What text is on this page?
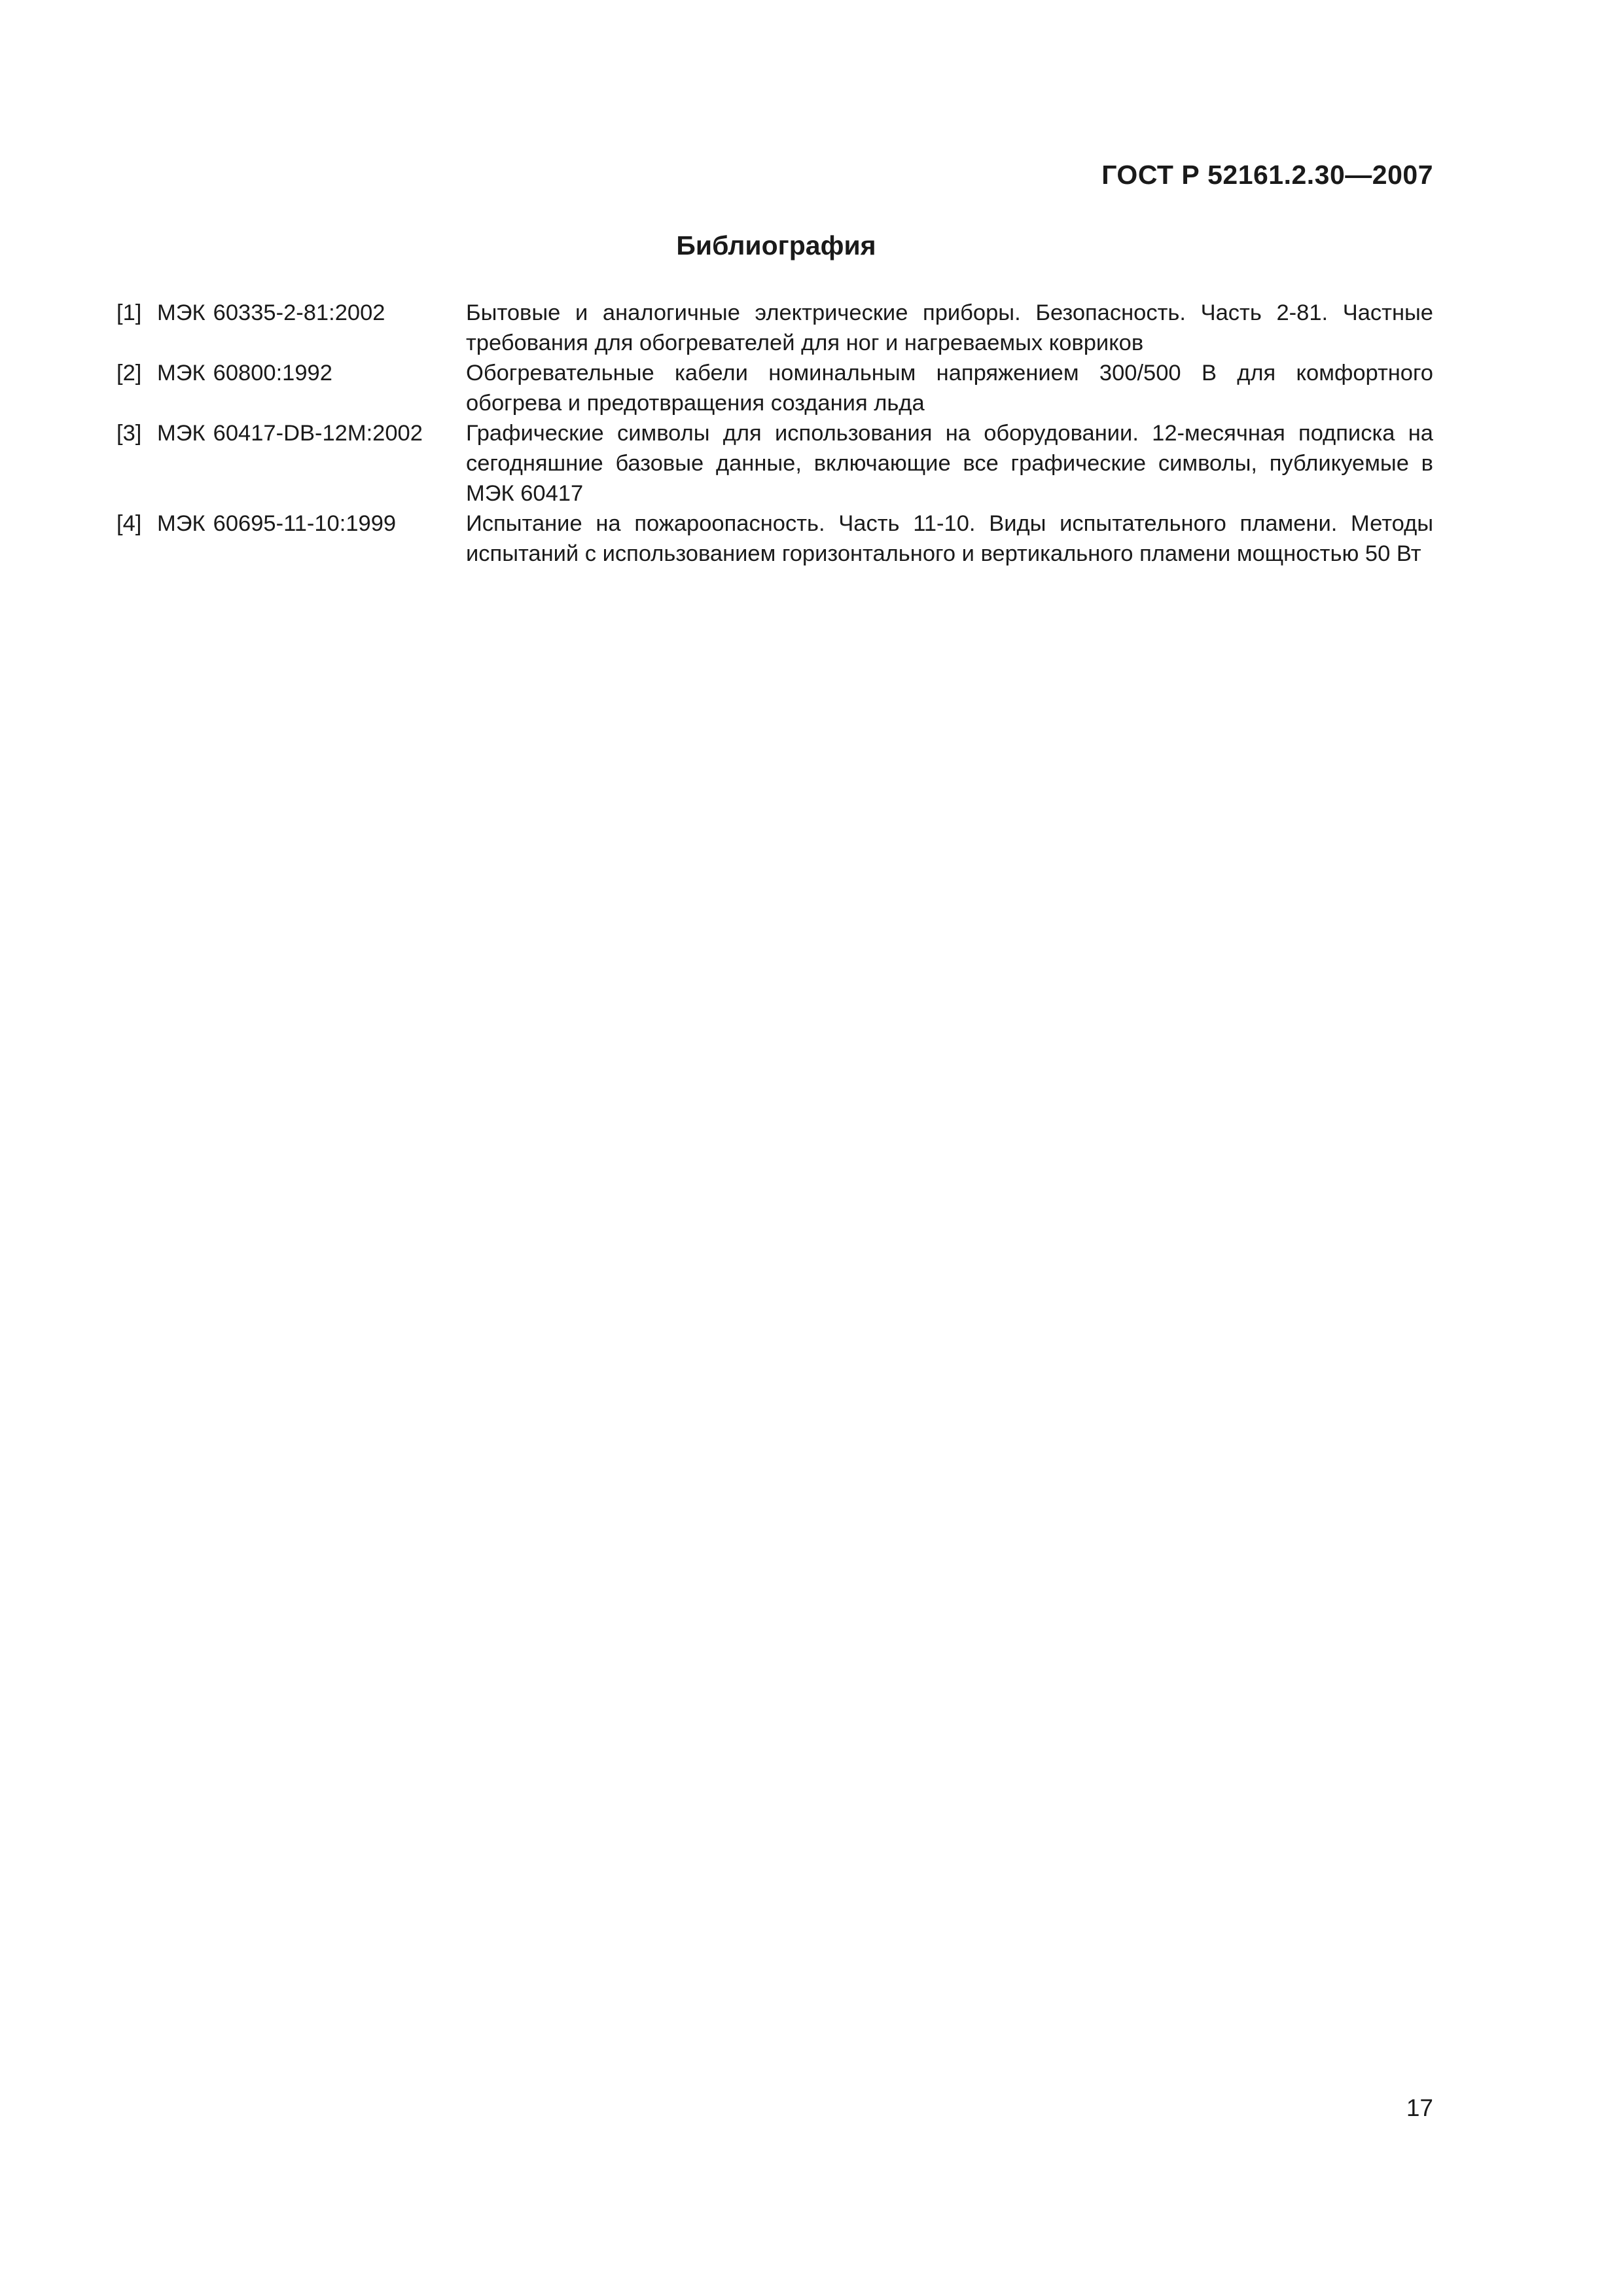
ГОСТ Р 52161.2.30—2007
Библиография
[1] МЭК 60335-2-81:2002	Бытовые и аналогичные электрические приборы. Безопасность. Часть 2-81. Частные требования для обогревателей для ног и нагреваемых ковриков
[2] МЭК 60800:1992	Обогревательные кабели номинальным напряжением 300/500 В для комфортного обогрева и предотвращения создания льда
[3] МЭК 60417-DB-12M:2002	Графические символы для использования на оборудовании. 12-месячная подписка на сегодняшние базовые данные, включающие все графические символы, публикуемые в МЭК 60417
[4] МЭК 60695-11-10:1999	Испытание на пожароопасность. Часть 11-10. Виды испытательного пламени. Методы испытаний с использованием горизонтального и вертикального пламени мощностью 50 Вт
17
